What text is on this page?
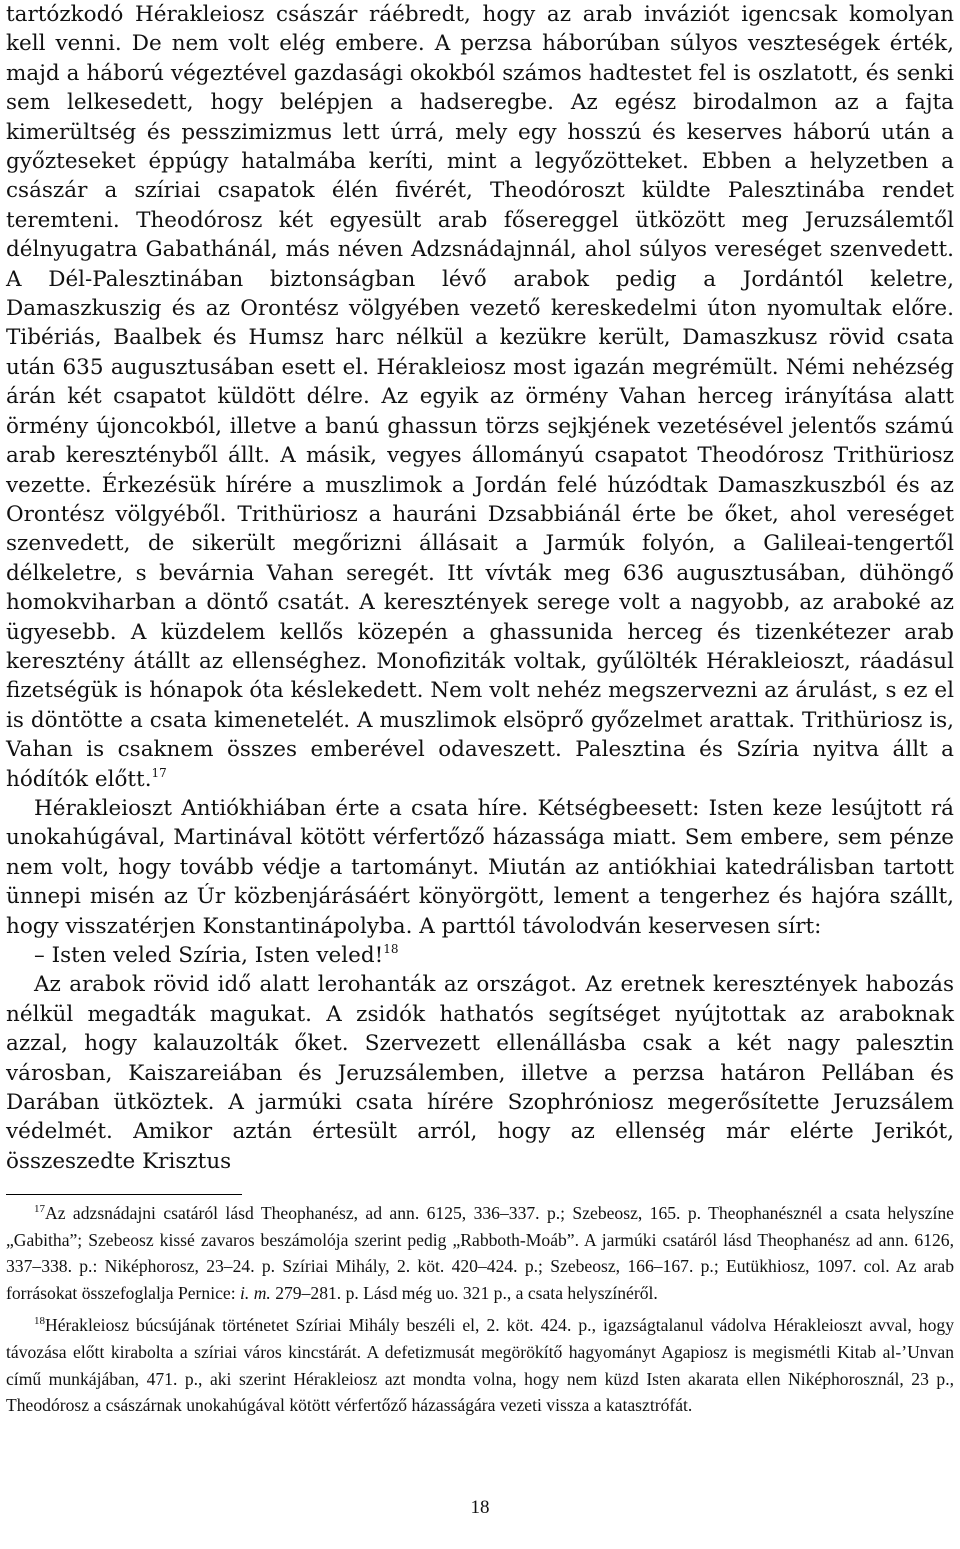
tartózkodó Hérakleiosz császár ráébredt, hogy az arab inváziót igencsak komolyan kell venni. De nem volt elég embere. A perzsa háborúban súlyos veszteségek érték, majd a háború végeztével gazdasági okokból számos hadtestet fel is oszlatott, és senki sem lelkesedett, hogy belépjen a hadseregbe. Az egész birodalmon az a fajta kimerültség és pesszimizmus lett úrrá, mely egy hosszú és keserves háború után a győzteseket éppúgy hatalmába keríti, mint a legyőzötteket. Ebben a helyzetben a császár a szíriai csapatok élén fivérét, Theodóroszt küldte Palesztinába rendet teremteni. Theodórosz két egyesült arab fősereggel ütközött meg Jeruzsálemtől délnyugatra Gabathánál, más néven Adzsnádajnnál, ahol súlyos vereséget szenvedett. A Dél-Palesztinában biztonságban lévő arabok pedig a Jordántól keletre, Damaszkuszig és az Orontész völgyében vezető kereskedelmi úton nyomultak előre. Tibériás, Baalbek és Humsz harc nélkül a kezükre került, Damaszkusz rövid csata után 635 augusztusában esett el. Hérakleiosz most igazán megrémült. Némi nehézség árán két csapatot küldött délre. Az egyik az örmény Vahan herceg irányítása alatt örmény újoncokból, illetve a banú ghassun törzs sejkjének vezetésével jelentős számú arab keresztényből állt. A másik, vegyes állományú csapatot Theodórosz Trithüriosz vezette. Érkezésük hírére a muszlimok a Jordán felé húzódtak Damaszkuszból és az Orontész völgyéből. Trithüriosz a hauráni Dzsabbiánál érte be őket, ahol vereséget szenvedett, de sikerült megőrizni állásait a Jarmúk folyón, a Galileai-tengertől délkeletre, s bevárnia Vahan seregét. Itt vívták meg 636 augusztusában, dühöngő homokviharban a döntő csatát. A keresztények serege volt a nagyobb, az araboké az ügyesebb. A küzdelem kellős közepén a ghassunida herceg és tizenkétezer arab keresztény átállt az ellenséghez. Monofiziták voltak, gyűlölték Hérakleioszt, ráadásul fizetségük is hónapok óta késlekedett. Nem volt nehéz megszervezni az árulást, s ez el is döntötte a csata kimenetelét. A muszlimok elsöprő győzelmet arattak. Trithüriosz is, Vahan is csaknem összes emberével odaveszett. Palesztina és Szíria nyitva állt a hódítók előtt.$^{17}$

Hérakleioszt Antiókhiában érte a csata híre. Kétségbeesett: Isten keze lesújtott rá unokahúgával, Martinával kötött vérfertőző házassága miatt. Sem embere, sem pénze nem volt, hogy tovább védje a tartományt. Miután az antiókhiai katedrálisban tartott ünnepi misén az Úr közbenjárásáért könyörgött, lement a tengerhez és hajóra szállt, hogy visszatérjen Konstantinápolyba. A parttól távolodván keservesen sírt:

– Isten veled Szíria, Isten veled!$^{18}$

Az arabok rövid idő alatt lerohanták az országot. Az eretnek keresztények habozás nélkül megadták magukat. A zsidók hathatós segítséget nyújtottak az araboknak azzal, hogy kalauzolták őket. Szervezett ellenállásba csak a két nagy palesztin városban, Kaiszareiában és Jeruzsálemben, illetve a perzsa határon Pellában és Darában ütköztek. A jarmúki csata hírére Szophróniosz megerősítette Jeruzsálem védelmét. Amikor aztán értesült arról, hogy az ellenség már elérte Jerikót, összeszedte Krisztus

$^{17}$Az adzsnádajni csatáról lásd Theophanész, ad ann. 6125, 336–337. p.; Szebeosz, 165. p. Theophanésznél a csata helyszíne „Gabitha”; Szebeosz kissé zavaros beszámolója szerint pedig „Rabboth-Moáb”. A jarmúki csatáról lásd Theophanész ad ann. 6126, 337–338. p.: Niképhorosz, 23–24. p. Szíriai Mihály, 2. köt. 420–424. p.; Szebeosz, 166–167. p.; Eutükhiosz, 1097. col. Az arab forrásokat összefoglalja Pernice: i. m. 279–281. p. Lásd még uo. 321 p., a csata helyszínéről.

$^{18}$Hérakleiosz búcsújának történetet Szíriai Mihály beszéli el, 2. köt. 424. p., igazságtalanul vádolva Hérakleioszt avval, hogy távozása előtt kirabolta a szíriai város kincstárát. A defetizmusát megörökítő hagyományt Agapiosz is megismétli Kitab al-’Unvan című munkájában, 471. p., aki szerint Hérakleiosz azt mondta volna, hogy nem küzd Isten akarata ellen Niképhorosznál, 23 p., Theodórosz a császárnak unokahúgával kötött vérfertőző házasságára vezeti vissza a katasztrófát.

18
